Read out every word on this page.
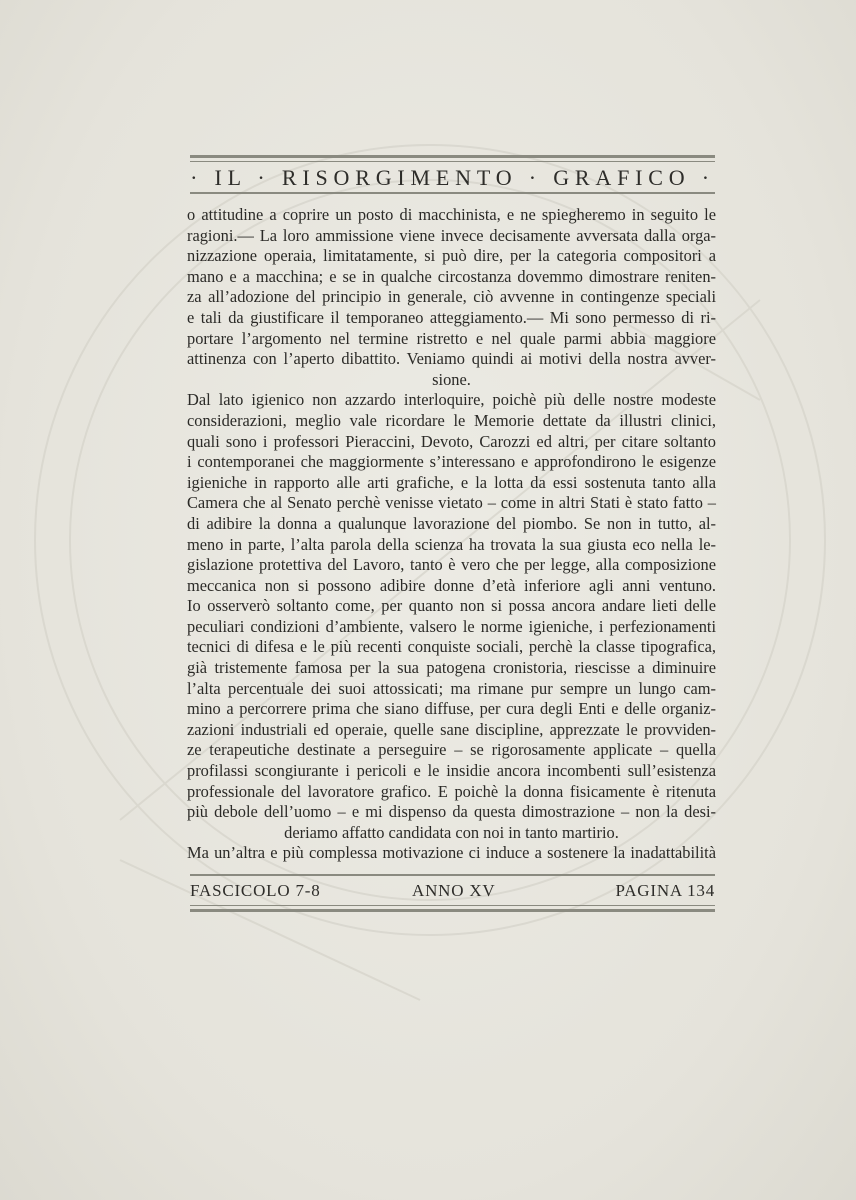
· IL · RISORGIMENTO · GRAFICO ·
o attitudine a coprire un posto di macchinista, e ne spiegheremo in seguito le
ragioni.— La loro ammissione viene invece decisamente avversata dalla orga-
nizzazione operaia, limitatamente, si può dire, per la categoria compositori a
mano e a macchina; e se in qualche circostanza dovemmo dimostrare reniten-
za all’adozione del principio in generale, ciò avvenne in contingenze speciali
e tali da giustificare il temporaneo atteggiamento.— Mi sono permesso di ri-
portare l’argomento nel termine ristretto e nel quale parmi abbia maggiore
attinenza con l’aperto dibattito. Veniamo quindi ai motivi della nostra avver-
sione.
Dal lato igienico non azzardo interloquire, poichè più delle nostre modeste
considerazioni, meglio vale ricordare le Memorie dettate da illustri clinici,
quali sono i professori Pieraccini, Devoto, Carozzi ed altri, per citare soltanto
i contemporanei che maggiormente s’interessano e approfondirono le esigenze
igieniche in rapporto alle arti grafiche, e la lotta da essi sostenuta tanto alla
Camera che al Senato perchè venisse vietato – come in altri Stati è stato fatto –
di adibire la donna a qualunque lavorazione del piombo. Se non in tutto, al-
meno in parte, l’alta parola della scienza ha trovata la sua giusta eco nella le-
gislazione protettiva del Lavoro, tanto è vero che per legge, alla composizione
meccanica non si possono adibire donne d’età inferiore agli anni ventuno.
Io osserverò soltanto come, per quanto non si possa ancora andare lieti delle
peculiari condizioni d’ambiente, valsero le norme igieniche, i perfezionamenti
tecnici di difesa e le più recenti conquiste sociali, perchè la classe tipografica,
già tristemente famosa per la sua patogena cronistoria, riescisse a diminuire
l’alta percentuale dei suoi attossicati; ma rimane pur sempre un lungo cam-
mino a percorrere prima che siano diffuse, per cura degli Enti e delle organiz-
zazioni industriali ed operaie, quelle sane discipline, apprezzate le provviden-
ze terapeutiche destinate a perseguire – se rigorosamente applicate – quella
profilassi scongiurante i pericoli e le insidie ancora incombenti sull’esistenza
professionale del lavoratore grafico. E poichè la donna fisicamente è ritenuta
più debole dell’uomo – e mi dispenso da questa dimostrazione – non la desi-
deriamo affatto candidata con noi in tanto martirio.
Ma un’altra e più complessa motivazione ci induce a sostenere la inadattabilità
FASCICOLO 7-8	ANNO XV	PAGINA 134
